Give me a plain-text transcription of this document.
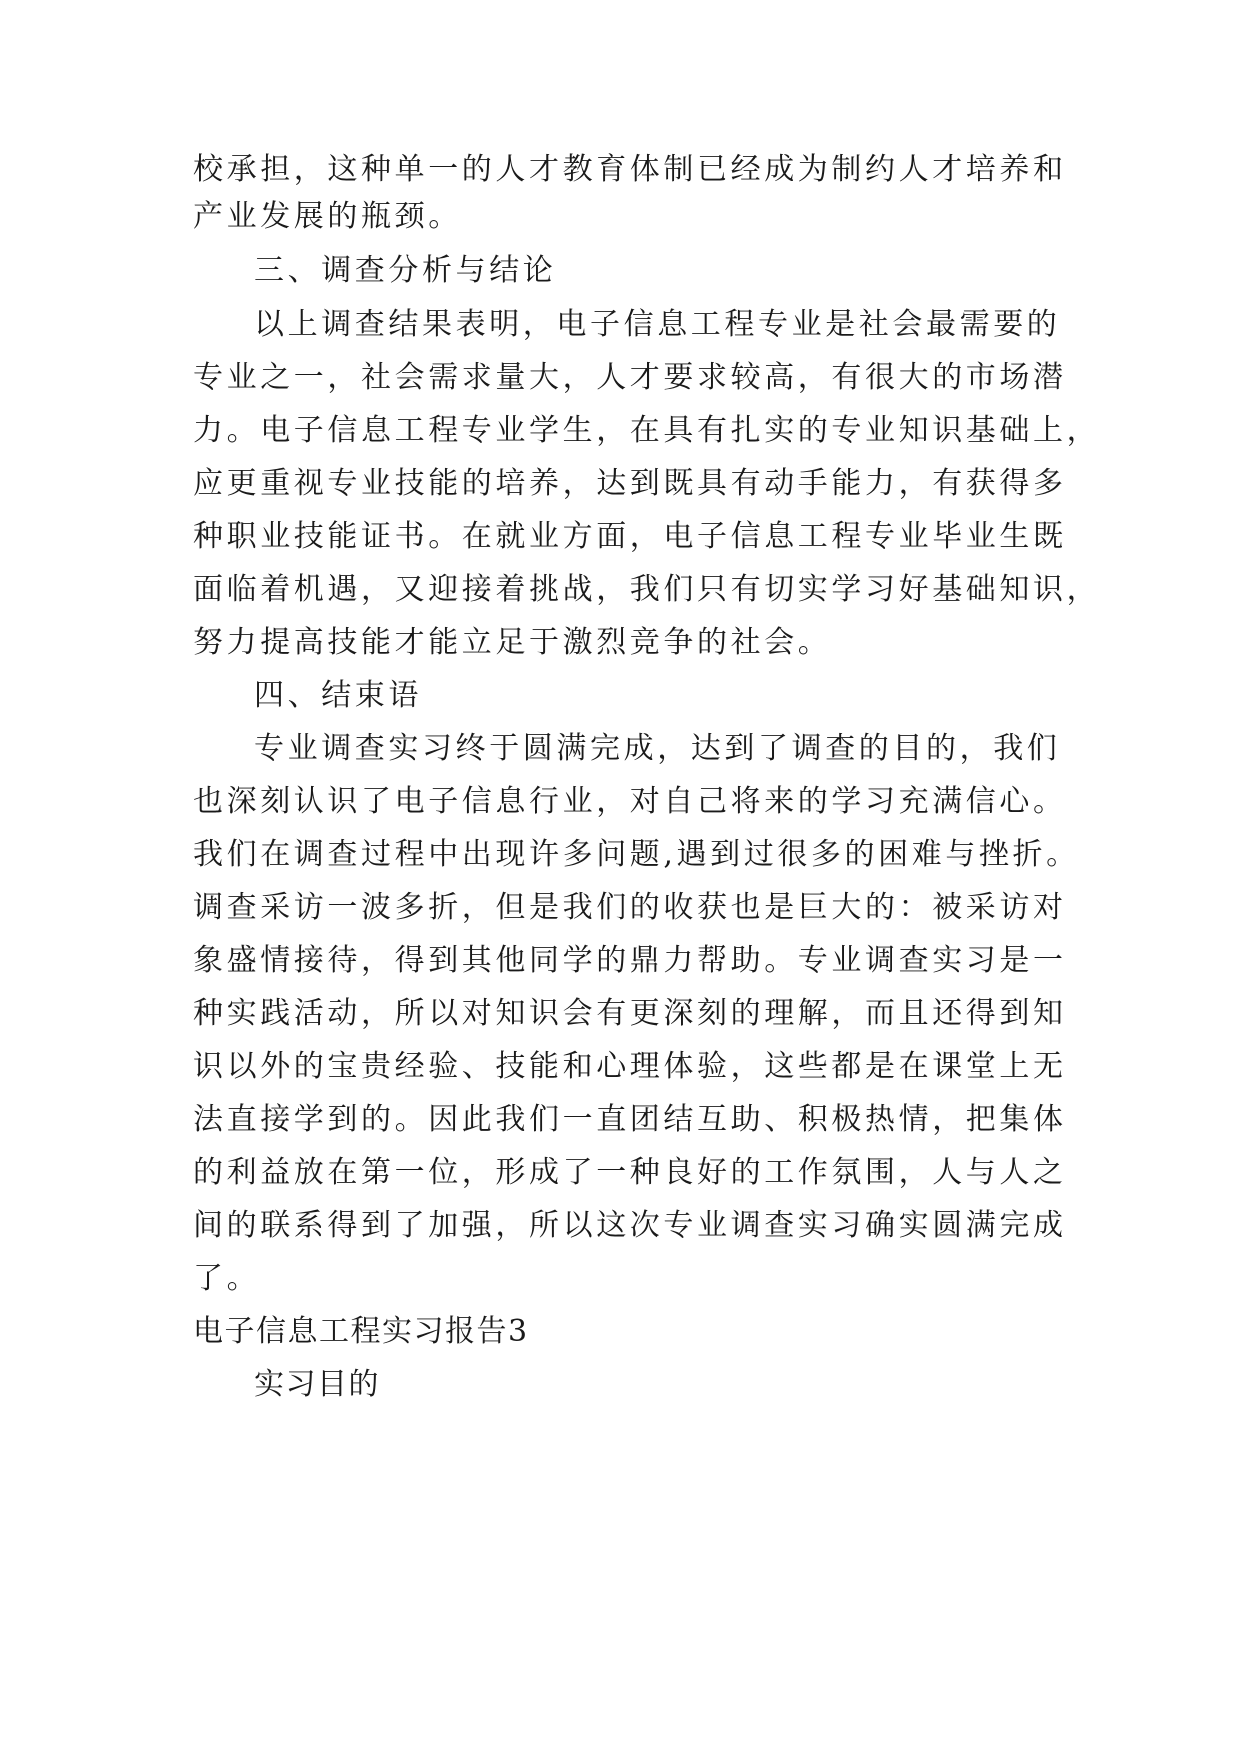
校承担，这种单一的人才教育体制已经成为制约人才培养和
产业发展的瓶颈。
三、调查分析与结论
以上调查结果表明，电子信息工程专业是社会最需要的
专业之一，社会需求量大，人才要求较高，有很大的市场潜
力。电子信息工程专业学生，在具有扎实的专业知识基础上，
应更重视专业技能的培养，达到既具有动手能力，有获得多
种职业技能证书。在就业方面，电子信息工程专业毕业生既
面临着机遇，又迎接着挑战，我们只有切实学习好基础知识，
努力提高技能才能立足于激烈竞争的社会。
四、结束语
专业调查实习终于圆满完成，达到了调查的目的，我们
也深刻认识了电子信息行业，对自己将来的学习充满信心。
我们在调查过程中出现许多问题,遇到过很多的困难与挫折。
调查采访一波多折，但是我们的收获也是巨大的：被采访对
象盛情接待，得到其他同学的鼎力帮助。专业调查实习是一
种实践活动，所以对知识会有更深刻的理解，而且还得到知
识以外的宝贵经验、技能和心理体验，这些都是在课堂上无
法直接学到的。因此我们一直团结互助、积极热情，把集体
的利益放在第一位，形成了一种良好的工作氛围，人与人之
间的联系得到了加强，所以这次专业调查实习确实圆满完成
了。
电子信息工程实习报告3
实习目的
